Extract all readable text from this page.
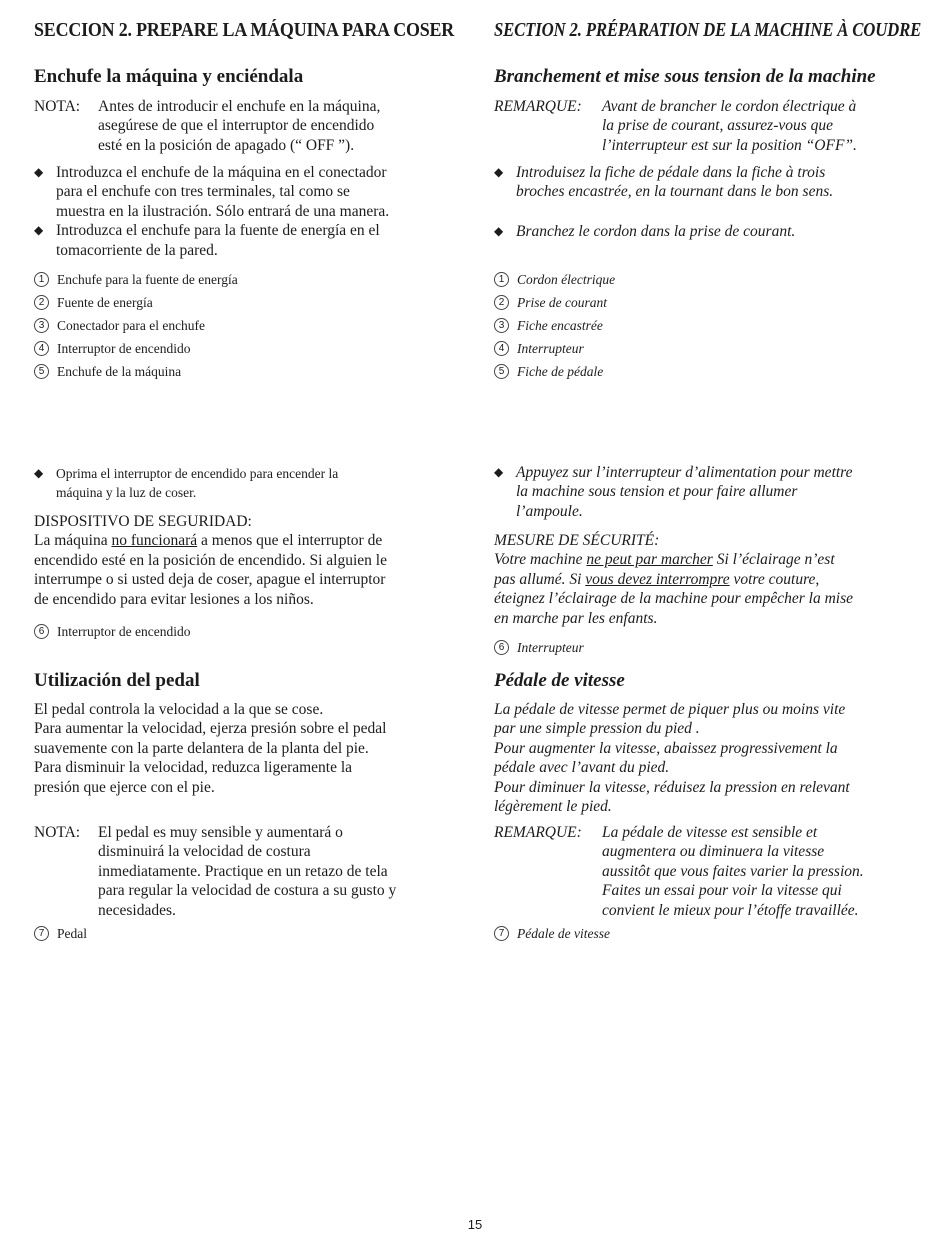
SECCION 2. PREPARE LA MÁQUINA PARA COSER
Enchufe la máquina y enciéndala
NOTA:	Antes de introducir el enchufe en la máquina,
asegúrese de que el interruptor de encendido
esté en la posición de apagado (“ OFF ”).
◆ Introduzca el enchufe de la máquina en el conectador
para el enchufe con tres terminales, tal como se
muestra en la ilustración. Sólo entrará de una manera.
◆ Introduzca el enchufe para la fuente de energía en el
tomacorriente de la pared.
1 Enchufe para la fuente de energía
2 Fuente de energía
3 Conectador para el enchufe
4 Interruptor de encendido
5 Enchufe de la máquina
◆ Oprima el interruptor de encendido para encender la
máquina y la luz de coser.
DISPOSITIVO DE SEGURIDAD:
La máquina no funcionará a menos que el interruptor de
encendido esté en la posición de encendido. Si alguien le
interrumpe o si usted deja de coser, apague el interruptor
de encendido para evitar lesiones a los niños.
6 Interruptor de encendido
Utilización del pedal
El pedal controla la velocidad a la que se cose.
Para aumentar la velocidad, ejerza presión sobre el pedal
suavemente con la parte delantera de la planta del pie.
Para disminuir la velocidad, reduzca ligeramente la
presión que ejerce con el pie.
NOTA:	El pedal es muy sensible y aumentará o
disminuirá la velocidad de costura
inmediatamente. Practique en un retazo de tela
para regular la velocidad de costura a su gusto y
necesidades.
7 Pedal
SECTION 2. PRÉPARATION DE LA MACHINE À COUDRE
Branchement et mise sous tension de la machine
REMARQUE:	Avant de brancher le cordon électrique à
la prise de courant, assurez-vous que
l’interrupteur est sur la position “OFF”.
◆ Introduisez la fiche de pédale dans la fiche à trois
broches encastrée, en la tournant dans le bon sens.
◆ Branchez le cordon dans la prise de courant.
1 Cordon électrique
2 Prise de courant
3 Fiche encastrée
4 Interrupteur
5 Fiche de pédale
◆ Appuyez sur l’interrupteur d’alimentation pour mettre
la machine sous tension et pour faire allumer
l’ampoule.
MESURE DE SÉCURITÉ:
Votre machine ne peut par marcher Si l’éclairage n’est
pas allumé. Si vous devez interrompre votre couture,
éteignez l’éclairage de la machine pour empêcher la mise
en marche par les enfants.
6 Interrupteur
Pédale de vitesse
La pédale de vitesse permet de piquer plus ou moins vite
par une simple pression du pied .
Pour augmenter la vitesse, abaissez progressivement la
pédale avec l’avant du pied.
Pour diminuer la vitesse, réduisez la pression en relevant
légèrement le pied.
REMARQUE:	La pédale de vitesse est sensible et
augmentera ou diminuera la vitesse
aussitôt que vous faites varier la pression.
Faites un essai pour voir la vitesse qui
convient le mieux pour l’étoffe travaillée.
7 Pédale de vitesse
15
